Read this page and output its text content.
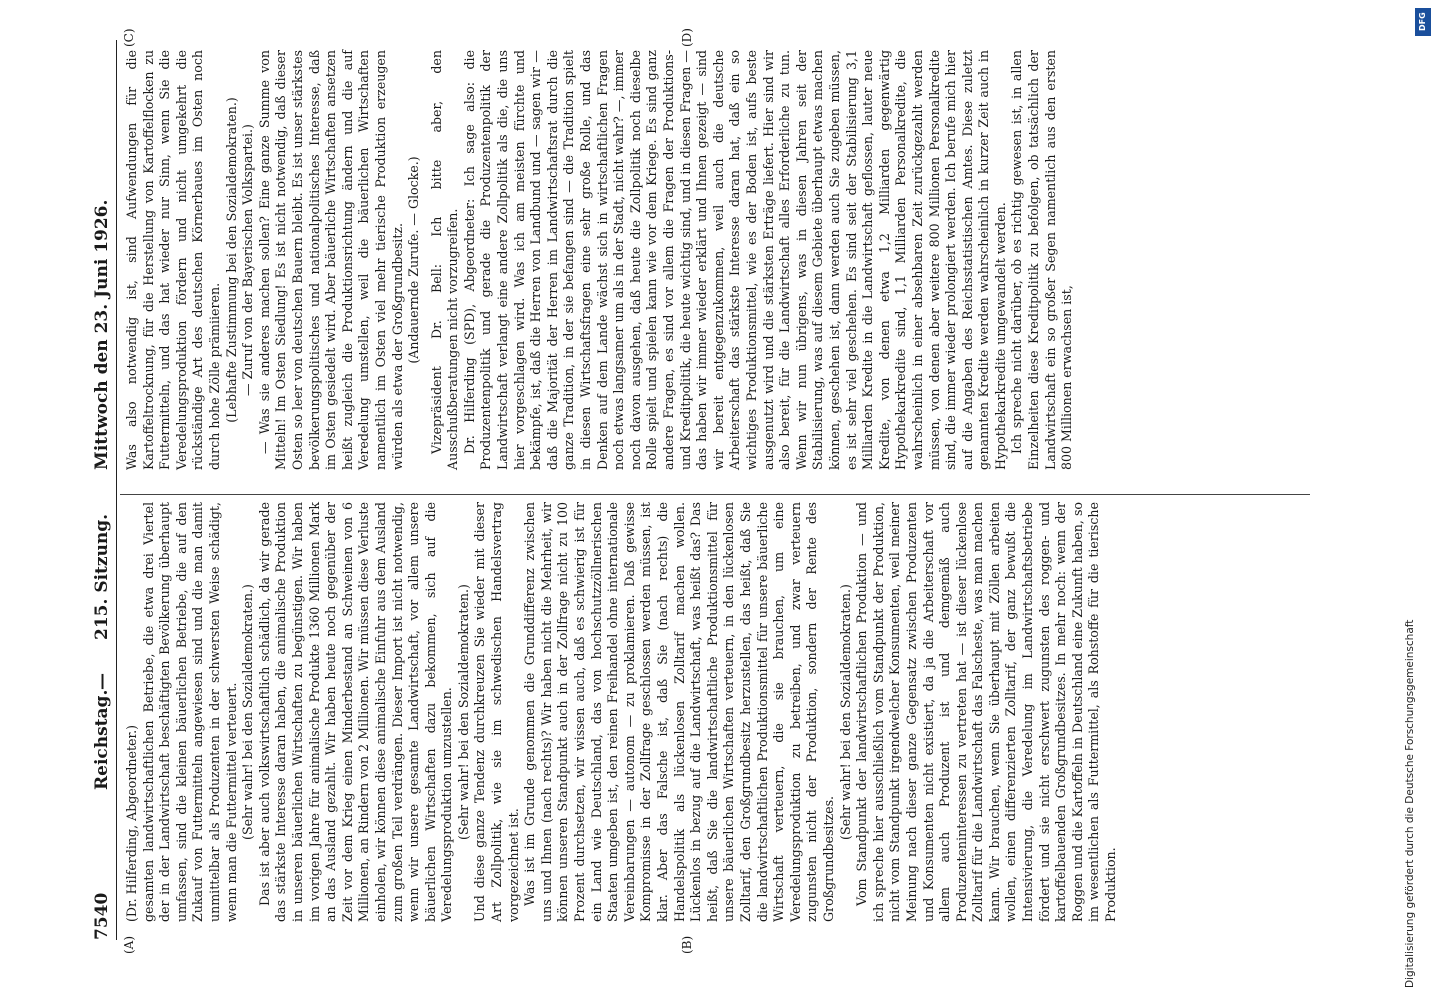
7540
Reichstag.
—
215. Sitzung.
Mittwoch den 23. Juni 1926.
(A)	(B)
(C)	(D)

(Dr. Hilferding, Abgeordneter.) gesamten landwirtschaftlichen Betriebe, die etwa drei Viertel der in der Landwirtschaft beschäftigten Bevölkerung überhaupt umfassen, sind die kleinen bäuerlichen Betriebe, die auf den Zukauf von Futtermitteln angewiesen sind und die man damit unmittelbar als Produzenten in der schwersten Weise schädigt, wenn man die Futtermittel verteuert. (Sehr wahr! bei den Sozialdemokraten.) Das ist aber auch volkswirtschaftlich schädlich, da wir gerade das stärkste Interesse daran haben, die animalische Produktion in unseren bäuerlichen Wirtschaften zu begünstigen. Wir haben im vorigen Jahre für animalische Produkte 1360 Millionen Mark an das Ausland gezahlt. Wir haben heute noch gegenüber der Zeit vor dem Krieg einen Minderbestand an Schweinen von 6 Millionen, an Rindern von 2 Millionen. Wir müssen diese Verluste einholen, wir können diese animalische Einfuhr aus dem Ausland zum großen Teil verdrängen. Dieser Import ist nicht notwendig, wenn wir unsere gesamte Landwirtschaft, vor allem unsere bäuerlichen Wirtschaften dazu bekommen, sich auf die Veredelungsproduktion umzustellen. (Sehr wahr! bei den Sozialdemokraten.) Und diese ganze Tendenz durchkreuzen Sie wieder mit dieser Art Zollpolitik, wie sie im schwedischen Handelsvertrag vorgezeichnet ist. Was ist im Grunde genommen die Grunddifferenz zwischen uns und Ihnen (nach rechts)? Wir haben nicht die Mehrheit, wir können unseren Standpunkt auch in der Zollfrage nicht zu 100 Prozent durchsetzen, wir wissen auch, daß es schwierig ist für ein Land wie Deutschland, das von hochschutzzöllnerischen Staaten umgeben ist, den reinen Freihandel ohne internationale Vereinbarungen — autonom — zu proklamieren. Daß gewisse Kompromisse in der Zollfrage geschlossen werden müssen, ist klar. Aber das Falsche ist, daß Sie (nach rechts) die Handelspolitik als lückenlosen Zolltarif machen wollen. Lückenlos in bezug auf die Landwirtschaft, was heißt das? Das heißt, daß Sie die landwirtschaftliche Produktionsmittel für unsere bäuerlichen Wirtschaften verteuern, in den lückenlosen Zolltarif, den Großgrundbesitz herzustellen, das heißt, daß Sie die landwirtschaftlichen Produktionsmittel für unsere bäuerliche Wirtschaft verteuern, die sie brauchen, um eine Veredelungsproduktion zu betreiben, und zwar verteuern zugunsten nicht der Produktion, sondern der Rente des Großgrundbesitzes.

(Sehr wahr! bei den Sozialdemokraten.) Vom Standpunkt der landwirtschaftlichen Produktion — und ich spreche hier ausschließlich vom Standpunkt der Produktion, nicht vom Standpunkt irgendwelcher Konsumenten, weil meiner Meinung nach dieser ganze Gegensatz zwischen Produzenten und Konsumenten nicht existiert, da ja die Arbeiterschaft vor allem auch Produzent ist und demgemäß auch Produzenteninteressen zu vertreten hat — ist dieser lückenlose Zolltarif für die Landwirtschaft das Falscheste, was man machen kann. Wir brauchen, wenn Sie überhaupt mit Zöllen arbeiten wollen, einen differenzierten Zolltarif, der ganz bewußt die Intensivierung, die Veredelung im Landwirtschaftsbetriebe fördert und sie nicht erschwert zugunsten des roggen- und kartoffelbauenden Großgrundbesitzes. In mehr noch: wenn der Roggen und die Kartoffeln in Deutschland eine Zukunft haben, so im wesentlichen als Futtermittel, als Rohstoffe für die tierische Produktion.

Was also notwendig ist, sind Aufwendungen für die Kartoffeltrocknung, für die Herstellung von Kartoffelflocken zu Futtermitteln, und das hat wieder nur Sinn, wenn Sie die Veredelungsproduktion fördern und nicht umgekehrt die rückständige Art des deutschen Körnerbaues im Osten noch durch hohe Zölle prämiieren. (Lebhafte Zustimmung bei den Sozialdemokraten.) — Zuruf von der Bayerischen Volkspartei.) — Was sie anderes machen sollen? Eine ganze Summe von Mitteln! Im Osten Siedlung! Es ist nicht notwendig, daß dieser Osten so leer von deutschen Bauern bleibt. Es ist unser stärkstes bevölkerungspolitisches und nationalpolitisches Interesse, daß im Osten gesiedelt wird. Aber bäuerliche Wirtschaften ansetzen heißt zugleich die Produktionsrichtung ändern und die auf Veredelung umstellen, weil die bäuerlichen Wirtschaften namentlich im Osten viel mehr tierische Produktion erzeugen würden als etwa der Großgrundbesitz. (Andauernde Zurufe. — Glocke.) Vizepräsident Dr. Bell: Ich bitte aber, den Ausschußberatungen nicht vorzugreifen. Dr. Hilferding (SPD), Abgeordneter: Ich sage also: die Produzentenpolitik und gerade die Produzentenpolitik der Landwirtschaft verlangt eine andere Zollpolitik als die, die uns hier vorgeschlagen wird. Was ich am meisten fürchte und bekämpfe, ist, daß die Herren von Landbund und — sagen wir — daß die Majorität der Herren im Landwirtschaftsrat durch die ganze Tradition, in der sie befangen sind — die Tradition spielt in diesen Wirtschaftsfragen eine sehr große Rolle, und das Denken auf dem Lande wächst sich in wirtschaftlichen Fragen noch etwas langsamer um als in der Stadt, nicht wahr? —, immer noch davon ausgehen, daß heute die Zollpolitik noch dieselbe Rolle spielt und spielen kann wie vor dem Kriege. Es sind ganz andere Fragen, es sind vor allem die Fragen der Produktions- und Kreditpolitik, die heute wichtig sind, und in diesen Fragen — das haben wir immer wieder erklärt und Ihnen gezeigt — sind wir bereit entgegenzukommen, weil auch die deutsche Arbeiterschaft das stärkste Interesse daran hat, daß ein so wichtiges Produktionsmittel, wie es der Boden ist, aufs beste ausgenutzt wird und die stärksten Erträge liefert. Hier sind wir also bereit, für die Landwirtschaft alles Erforderliche zu tun. Wenn wir nun übrigens, was in diesen Jahren seit der Stabilisierung, was auf diesem Gebiete überhaupt etwas machen können, geschehen ist, dann werden auch Sie zugeben müssen, es ist sehr viel geschehen. Es sind seit der Stabilisierung 3,1 Milliarden Kredite in die Landwirtschaft geflossen, lauter neue Kredite, von denen etwa 1,2 Milliarden gegenwärtig Hypothekarkredite sind, 1,1 Milliarden Personalkredite, die wahrscheinlich in einer absehbaren Zeit zurückgezahlt werden müssen, von denen aber weitere 800 Millionen Personalkredite sind, die immer wieder prolongiert werden. Ich berufe mich hier auf die Angaben des Reichsstatistischen Amtes. Diese zuletzt genannten Kredite werden wahrscheinlich in kurzer Zeit auch in Hypothekarkredite umgewandelt werden. Ich spreche nicht darüber, ob es richtig gewesen ist, in allen Einzelheiten diese Kreditpolitik zu befolgen, ob tatsächlich der Landwirtschaft ein so großer Segen namentlich aus den ersten 800 Millionen erwachsen ist,

DFG
Digitalisierung gefördert durch die Deutsche Forschungsgemeinschaft
